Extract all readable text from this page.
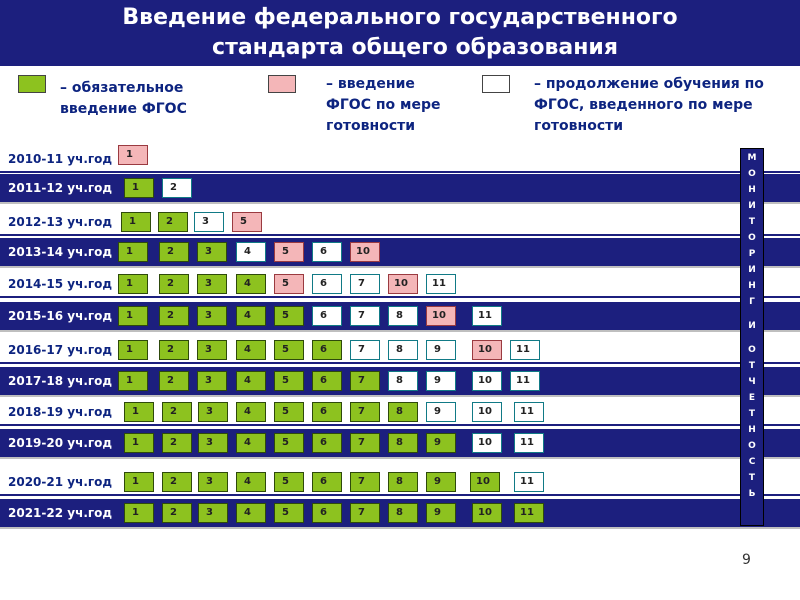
Введение федерального государственного
стандарта общего образования
– обязательное
введение ФГОС
– введение
ФГОС по мере
готовности
– продолжение обучения по
ФГОС, введенного по мере
готовности
2010-11 уч.год	1
2011-12 уч.год	1	2
2012-13 уч.год	1	2	3	5
2013-14 уч.год	1	2	3	4	5	6	10
2014-15 уч.год	1	2	3	4	5	6	7	10	11
2015-16 уч.год	1	2	3	4	5	6	7	8	10	11
2016-17 уч.год	1	2	3	4	5	6	7	8	9	10	11
2017-18 уч.год	1	2	3	4	5	6	7	8	9	10	11
2018-19 уч.год	1	2	3	4	5	6	7	8	9	10	11
2019-20 уч.год	1	2	3	4	5	6	7	8	9	10	11
2020-21 уч.год	1	2	3	4	5	6	7	8	9	10	11
2021-22 уч.год	1	2	3	4	5	6	7	8	9	10	11
М
О
Н
И
Т
О
Р
И
Н
Г
И
О
Т
Ч
Е
Т
Н
О
С
Т
Ь
9
